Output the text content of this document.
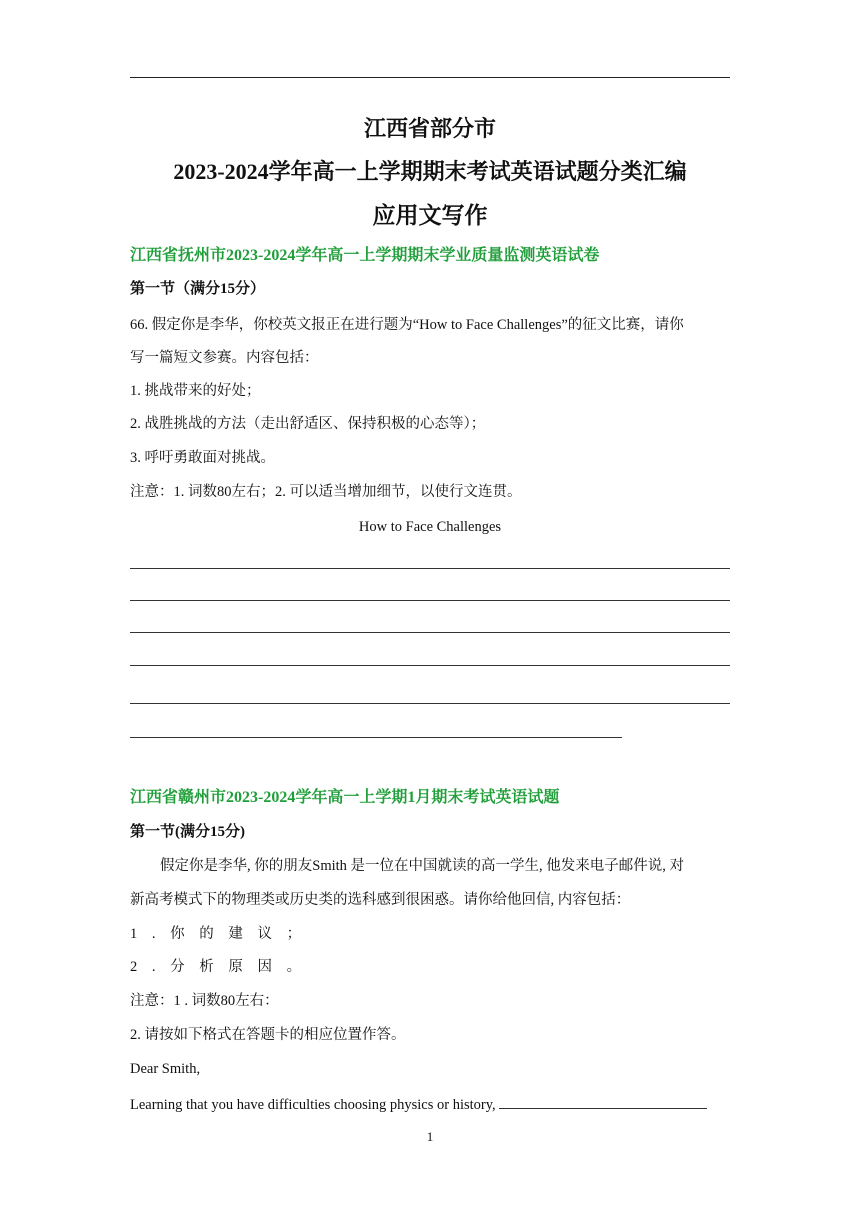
江西省部分市
2023-2024学年高一上学期期末考试英语试题分类汇编
应用文写作
江西省抚州市2023-2024学年高一上学期期末学业质量监测英语试卷
第一节（满分15分）
66. 假定你是李华，你校英文报正在进行题为“How to Face Challenges”的征文比赛，请你
写一篇短文参赛。内容包括：
1. 挑战带来的好处；
2. 战胜挑战的方法（走出舒适区、保持积极的心态等）；
3. 呼吁勇敢面对挑战。
注意：1. 词数80左右；2. 可以适当增加细节，以使行文连贯。
How to Face Challenges
江西省赣州市2023-2024学年高一上学期1月期末考试英语试题
第一节(满分15分)
假定你是李华, 你的朋友Smith 是一位在中国就读的高一学生, 他发来电子邮件说, 对
新高考模式下的物理类或历史类的选科感到很困惑。请你给他回信, 内容包括：
1 . 你 的 建 议 ；
2 . 分 析 原 因 。
注意：1 . 词数80左右：
2. 请按如下格式在答题卡的相应位置作答。
Dear Smith,
Learning that you have difficulties choosing physics or history,
1
